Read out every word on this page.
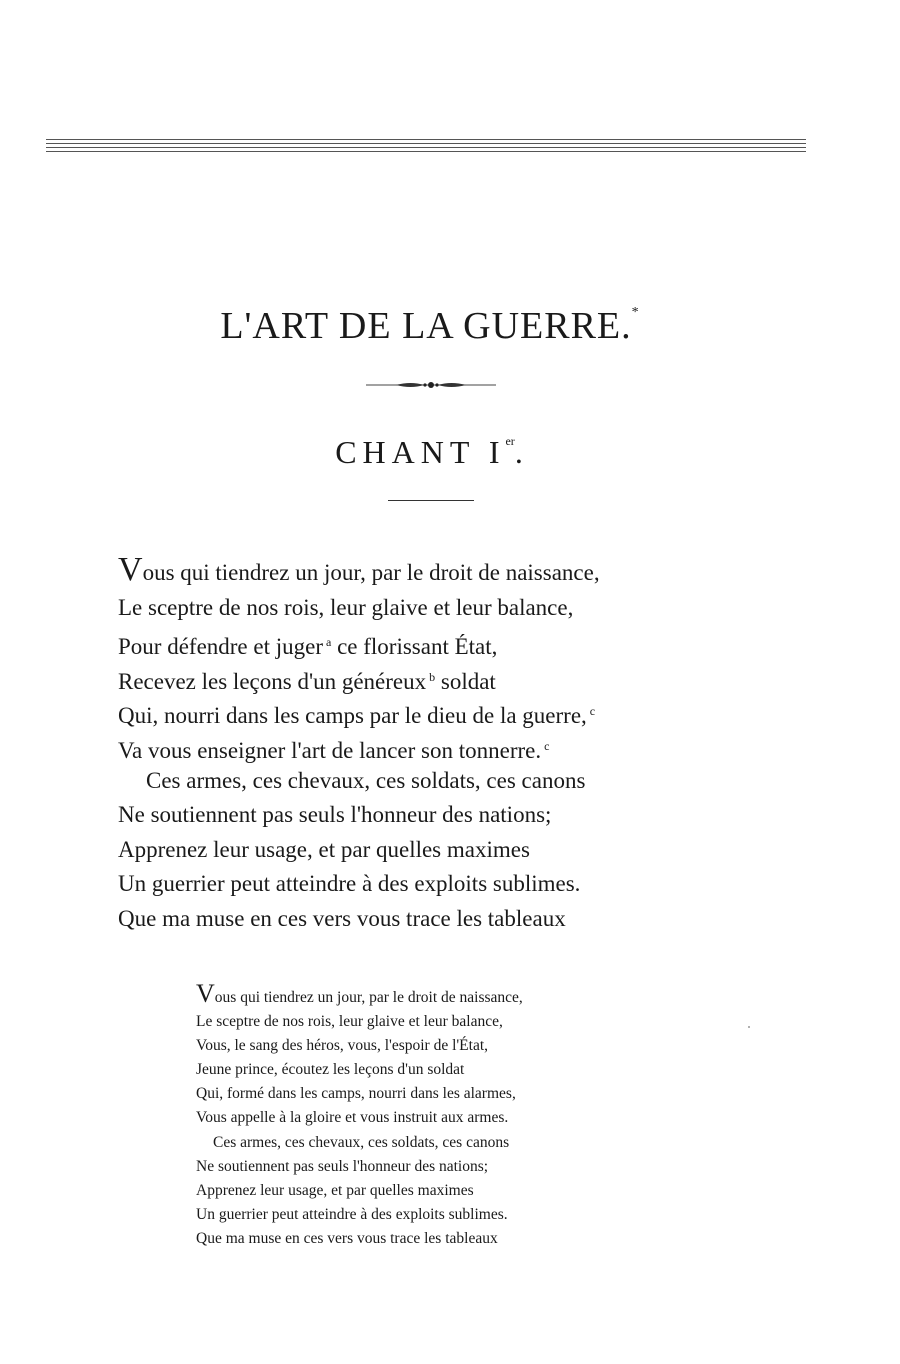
L'ART DE LA GUERRE.*
CHANT Ier.
Vous qui tiendrez un jour, par le droit de naissance,
Le sceptre de nos rois, leur glaive et leur balance,
Pour défendre et juger $^a$ ce florissant État,
Recevez les leçons d'un généreux $^b$ soldat
Qui, nourri dans les camps par le dieu de la guerre, $^c$
Va vous enseigner l'art de lancer son tonnerre. $^c$
Ces armes, ces chevaux, ces soldats, ces canons
Ne soutiennent pas seuls l'honneur des nations;
Apprenez leur usage, et par quelles maximes
Un guerrier peut atteindre à des exploits sublimes.
Que ma muse en ces vers vous trace les tableaux
Vous qui tiendrez un jour, par le droit de naissance,
Le sceptre de nos rois, leur glaive et leur balance,
Vous, le sang des héros, vous, l'espoir de l'État,
Jeune prince, écoutez les leçons d'un soldat
Qui, formé dans les camps, nourri dans les alarmes,
Vous appelle à la gloire et vous instruit aux armes.
Ces armes, ces chevaux, ces soldats, ces canons
Ne soutiennent pas seuls l'honneur des nations;
Apprenez leur usage, et par quelles maximes
Un guerrier peut atteindre à des exploits sublimes.
Que ma muse en ces vers vous trace les tableaux
